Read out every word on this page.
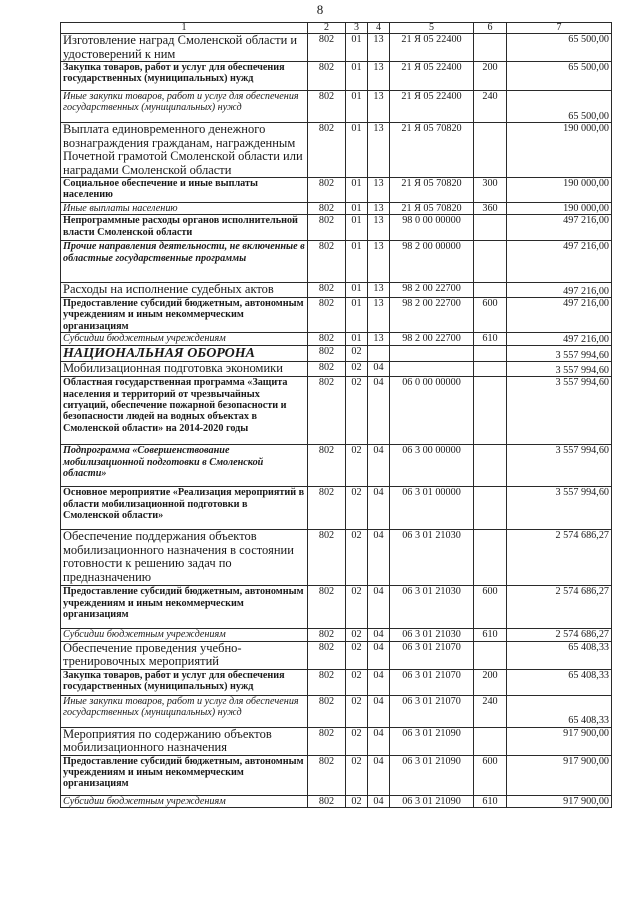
8
1	2	3	4	5	6	7
Изготовление наград Смоленской области и удостоверений к ним	802	01	13	21 Я 05 22400		65 500,00
Закупка товаров, работ и услуг для обеспечения государственных (муниципальных) нужд	802	01	13	21 Я 05 22400	200	65 500,00
Иные закупки товаров, работ и услуг для обеспечения государственных (муниципальных) нужд	802	01	13	21 Я 05 22400	240	65 500,00
Выплата единовременного денежного вознаграждения гражданам, награжденным Почетной грамотой Смоленской области или наградами Смоленской области	802	01	13	21 Я 05 70820		190 000,00
Социальное обеспечение и иные выплаты населению	802	01	13	21 Я 05 70820	300	190 000,00
Иные выплаты населению	802	01	13	21 Я 05 70820	360	190 000,00
Непрограммные расходы органов исполнительной власти Смоленской области	802	01	13	98 0 00 00000		497 216,00
Прочие направления деятельности, не включенные в областные государственные программы	802	01	13	98 2 00 00000		497 216,00
Расходы на исполнение судебных актов	802	01	13	98 2 00 22700		497 216,00
Предоставление субсидий бюджетным, автономным учреждениям и иным некоммерческим организациям	802	01	13	98 2 00 22700	600	497 216,00
Субсидии бюджетным учреждениям	802	01	13	98 2 00 22700	610	497 216,00
НАЦИОНАЛЬНАЯ ОБОРОНА	802	02				3 557 994,60
Мобилизационная подготовка экономики	802	02	04			3 557 994,60
Областная государственная программа «Защита населения и территорий от чрезвычайных ситуаций, обеспечение пожарной безопасности и безопасности людей на водных объектах в Смоленской области» на 2014-2020 годы	802	02	04	06 0 00 00000		3 557 994,60
Подпрограмма «Совершенствование мобилизационной подготовки в Смоленской области»	802	02	04	06 3 00 00000		3 557 994,60
Основное мероприятие «Реализация мероприятий в области мобилизационной подготовки в Смоленской области»	802	02	04	06 3 01 00000		3 557 994,60
Обеспечение поддержания объектов мобилизационного назначения в состоянии готовности к решению задач по предназначению	802	02	04	06 3 01 21030		2 574 686,27
Предоставление субсидий бюджетным, автономным учреждениям и иным некоммерческим организациям	802	02	04	06 3 01 21030	600	2 574 686,27
Субсидии бюджетным учреждениям	802	02	04	06 3 01 21030	610	2 574 686,27
Обеспечение проведения учебно-тренировочных мероприятий	802	02	04	06 3 01 21070		65 408,33
Закупка товаров, работ и услуг для обеспечения государственных (муниципальных) нужд	802	02	04	06 3 01 21070	200	65 408,33
Иные закупки товаров, работ и услуг для обеспечения государственных (муниципальных) нужд	802	02	04	06 3 01 21070	240	65 408,33
Мероприятия по содержанию объектов мобилизационного назначения	802	02	04	06 3 01 21090		917 900,00
Предоставление субсидий бюджетным, автономным учреждениям и иным некоммерческим организациям	802	02	04	06 3 01 21090	600	917 900,00
Субсидии бюджетным учреждениям	802	02	04	06 3 01 21090	610	917 900,00
